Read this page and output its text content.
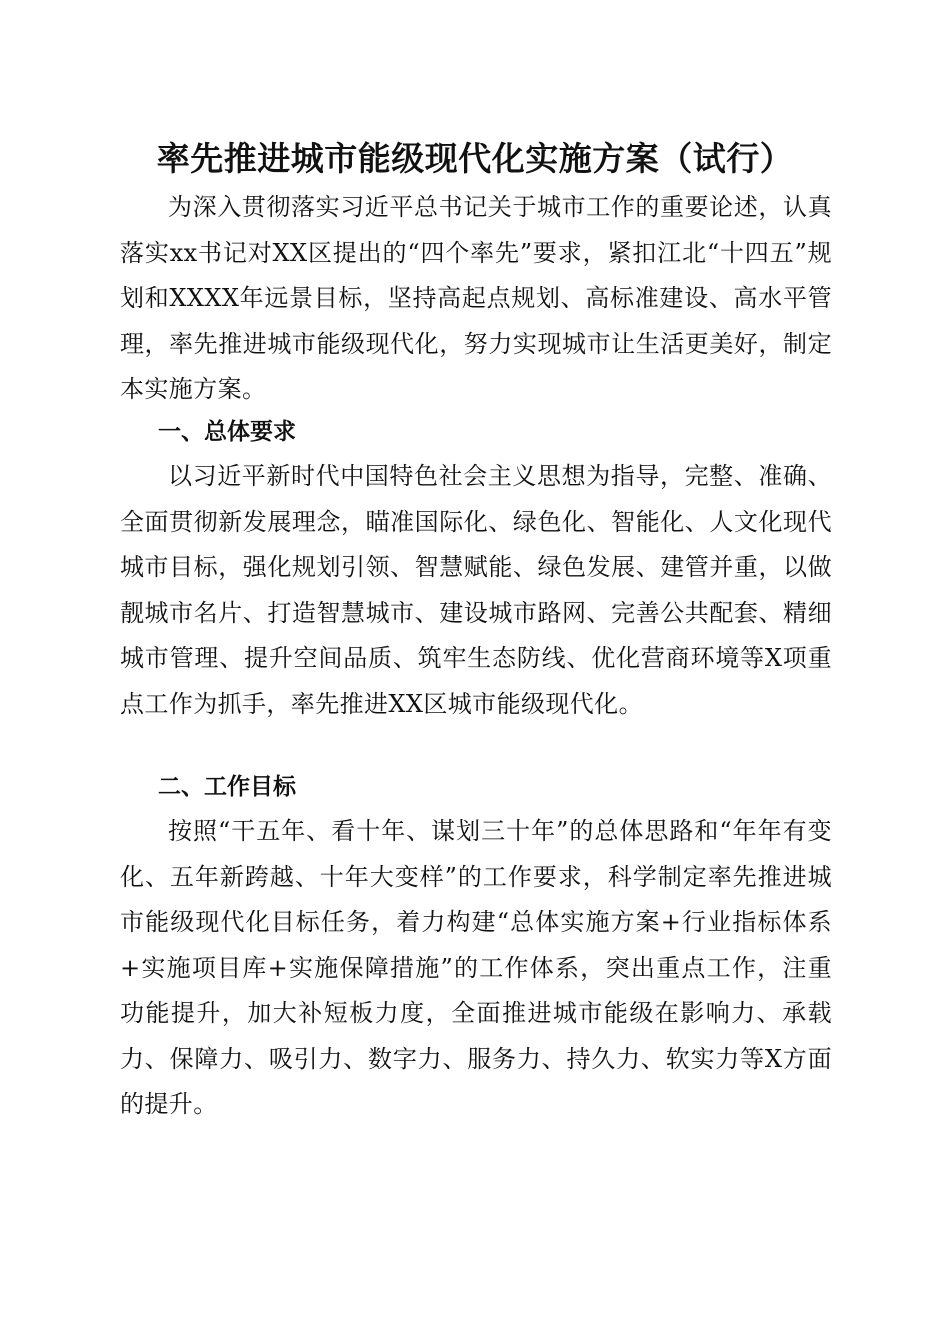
率先推进城市能级现代化实施方案（试行）

为深入贯彻落实习近平总书记关于城市工作的重要论述，认真落实xx书记对XX区提出的“四个率先”要求，紧扣江北“十四五”规划和XXXX年远景目标，坚持高起点规划、高标准建设、高水平管理，率先推进城市能级现代化，努力实现城市让生活更美好，制定本实施方案。

一、总体要求

以习近平新时代中国特色社会主义思想为指导，完整、准确、全面贯彻新发展理念，瞄准国际化、绿色化、智能化、人文化现代城市目标，强化规划引领、智慧赋能、绿色发展、建管并重，以做靓城市名片、打造智慧城市、建设城市路网、完善公共配套、精细城市管理、提升空间品质、筑牢生态防线、优化营商环境等X项重点工作为抓手，率先推进XX区城市能级现代化。

二、工作目标

按照“干五年、看十年、谋划三十年”的总体思路和“年年有变化、五年新跨越、十年大变样”的工作要求，科学制定率先推进城市能级现代化目标任务，着力构建“总体实施方案+行业指标体系+实施项目库+实施保障措施”的工作体系，突出重点工作，注重功能提升，加大补短板力度，全面推进城市能级在影响力、承载力、保障力、吸引力、数字力、服务力、持久力、软实力等X方面的提升。
